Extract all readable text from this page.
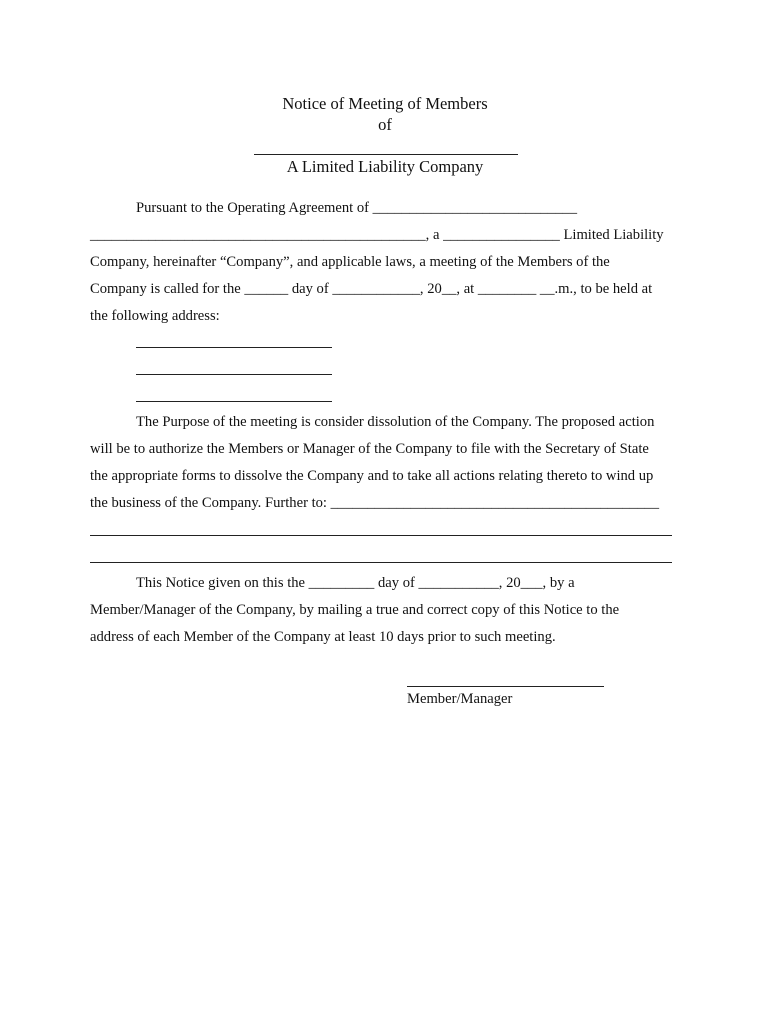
Notice of Meeting of Members
of
A Limited Liability Company
Pursuant to the Operating Agreement of ____________________________
______________________________________________, a ________________ Limited Liability
Company, hereinafter “Company”, and applicable laws, a meeting of the Members of the
Company is called for the ______ day of ____________, 20__, at ________ __.m., to be held at
the following address:
The Purpose of the meeting is consider dissolution of the Company. The proposed action
will be to authorize the Members or Manager of the Company to file with the Secretary of State
the appropriate forms to dissolve the Company and to take all actions relating thereto to wind up
the business of the Company. Further to: _____________________________________________
This Notice given on this the _________ day of ___________, 20___, by a
Member/Manager of the Company, by mailing a true and correct copy of this Notice to the
address of each Member of the Company at least 10 days prior to such meeting.
Member/Manager
